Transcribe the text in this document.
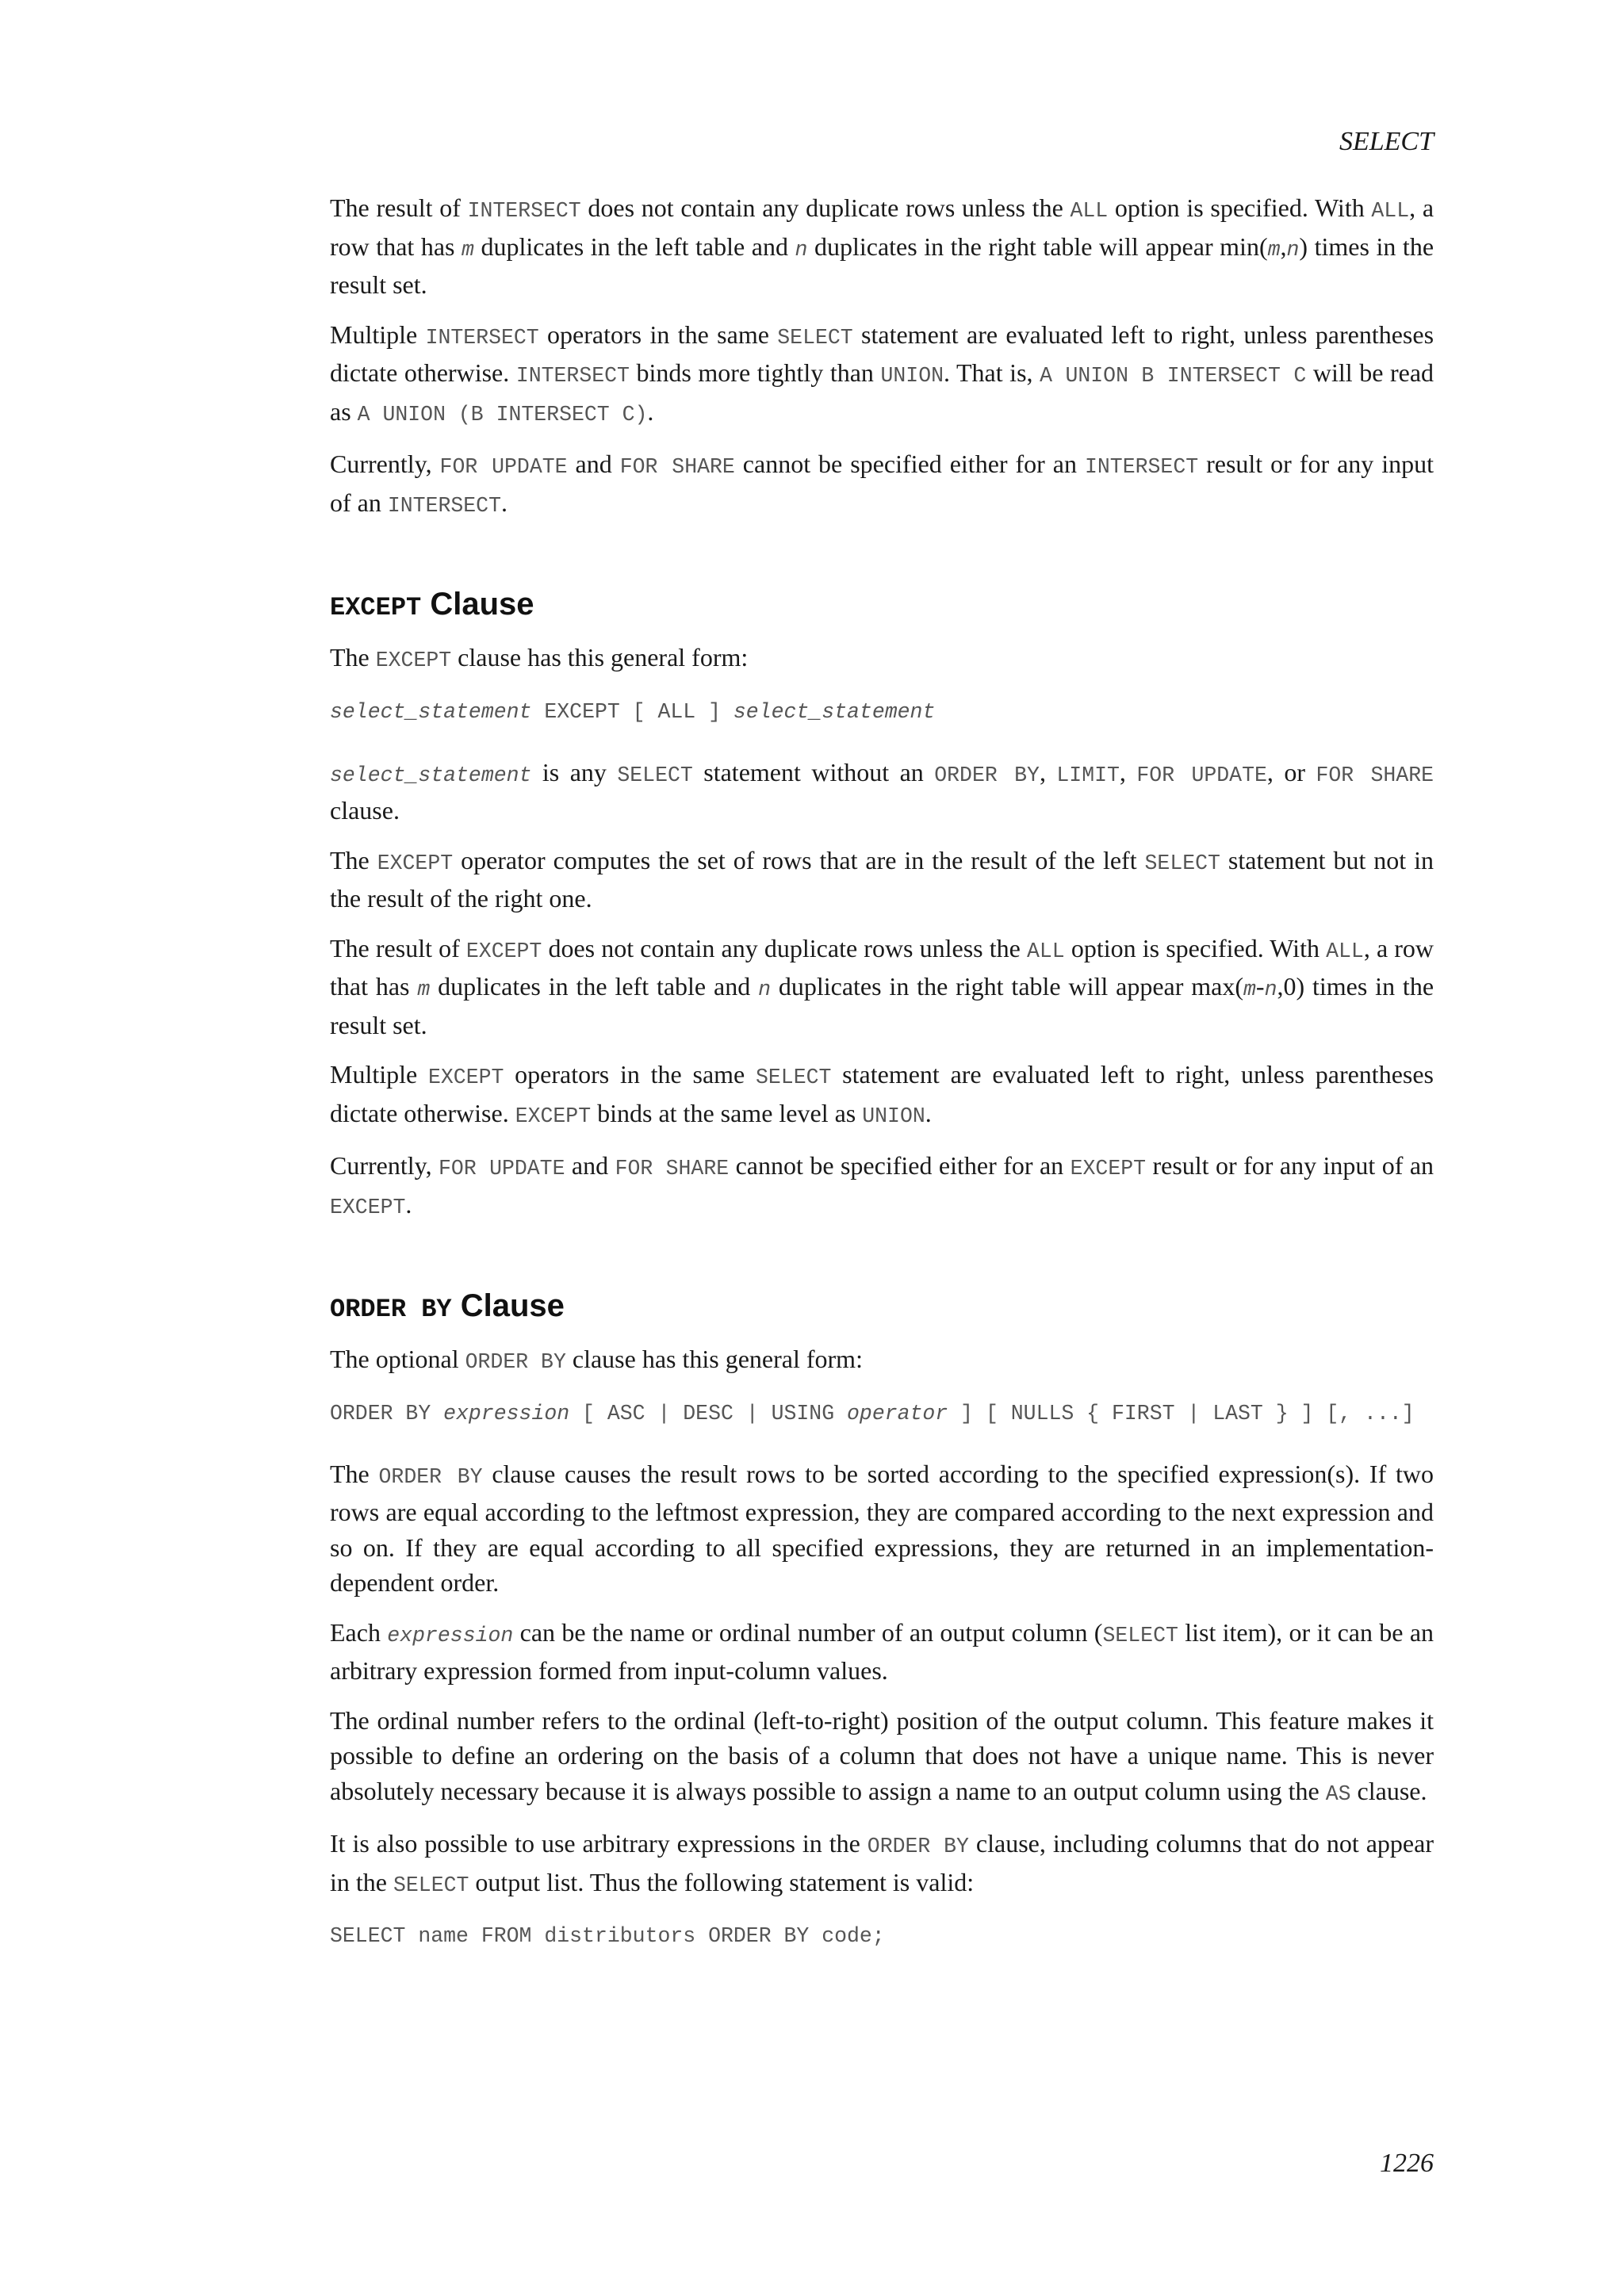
SELECT

The result of INTERSECT does not contain any duplicate rows unless the ALL option is specified. With ALL, a row that has m duplicates in the left table and n duplicates in the right table will appear min(m,n) times in the result set.

Multiple INTERSECT operators in the same SELECT statement are evaluated left to right, unless parentheses dictate otherwise. INTERSECT binds more tightly than UNION. That is, A UNION B INTERSECT C will be read as A UNION (B INTERSECT C).

Currently, FOR UPDATE and FOR SHARE cannot be specified either for an INTERSECT result or for any input of an INTERSECT.

EXCEPT Clause

The EXCEPT clause has this general form:

select_statement EXCEPT [ ALL ] select_statement

select_statement is any SELECT statement without an ORDER BY, LIMIT, FOR UPDATE, or FOR SHARE clause.

The EXCEPT operator computes the set of rows that are in the result of the left SELECT statement but not in the result of the right one.

The result of EXCEPT does not contain any duplicate rows unless the ALL option is specified. With ALL, a row that has m duplicates in the left table and n duplicates in the right table will appear max(m-n,0) times in the result set.

Multiple EXCEPT operators in the same SELECT statement are evaluated left to right, unless parentheses dictate otherwise. EXCEPT binds at the same level as UNION.

Currently, FOR UPDATE and FOR SHARE cannot be specified either for an EXCEPT result or for any input of an EXCEPT.

ORDER BY Clause

The optional ORDER BY clause has this general form:

ORDER BY expression [ ASC | DESC | USING operator ] [ NULLS { FIRST | LAST } ] [, ...]

The ORDER BY clause causes the result rows to be sorted according to the specified expression(s). If two rows are equal according to the leftmost expression, they are compared according to the next expression and so on. If they are equal according to all specified expressions, they are returned in an implementation-dependent order.

Each expression can be the name or ordinal number of an output column (SELECT list item), or it can be an arbitrary expression formed from input-column values.

The ordinal number refers to the ordinal (left-to-right) position of the output column. This feature makes it possible to define an ordering on the basis of a column that does not have a unique name. This is never absolutely necessary because it is always possible to assign a name to an output column using the AS clause.

It is also possible to use arbitrary expressions in the ORDER BY clause, including columns that do not appear in the SELECT output list. Thus the following statement is valid:

SELECT name FROM distributors ORDER BY code;
1226
